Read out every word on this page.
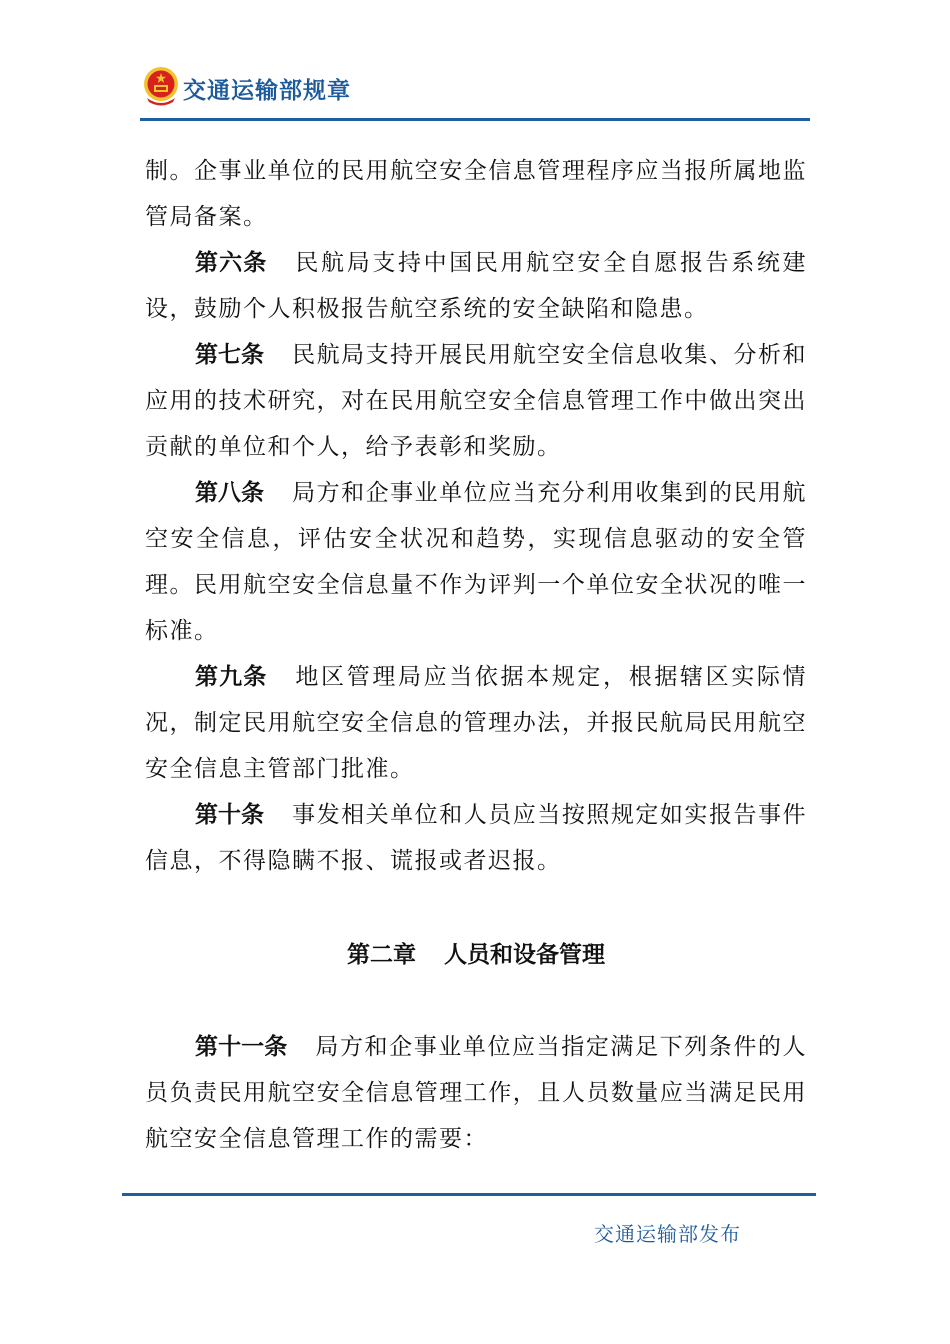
交通运输部规章

制。企事业单位的民用航空安全信息管理程序应当报所属地监管局备案。

第六条 民航局支持中国民用航空安全自愿报告系统建设，鼓励个人积极报告航空系统的安全缺陷和隐患。

第七条 民航局支持开展民用航空安全信息收集、分析和应用的技术研究，对在民用航空安全信息管理工作中做出突出贡献的单位和个人，给予表彰和奖励。

第八条 局方和企事业单位应当充分利用收集到的民用航空安全信息，评估安全状况和趋势，实现信息驱动的安全管理。民用航空安全信息量不作为评判一个单位安全状况的唯一标准。

第九条 地区管理局应当依据本规定，根据辖区实际情况，制定民用航空安全信息的管理办法，并报民航局民用航空安全信息主管部门批准。

第十条 事发相关单位和人员应当按照规定如实报告事件信息，不得隐瞒不报、谎报或者迟报。

第二章 人员和设备管理

第十一条 局方和企事业单位应当指定满足下列条件的人员负责民用航空安全信息管理工作，且人员数量应当满足民用航空安全信息管理工作的需要：

交通运输部发布
